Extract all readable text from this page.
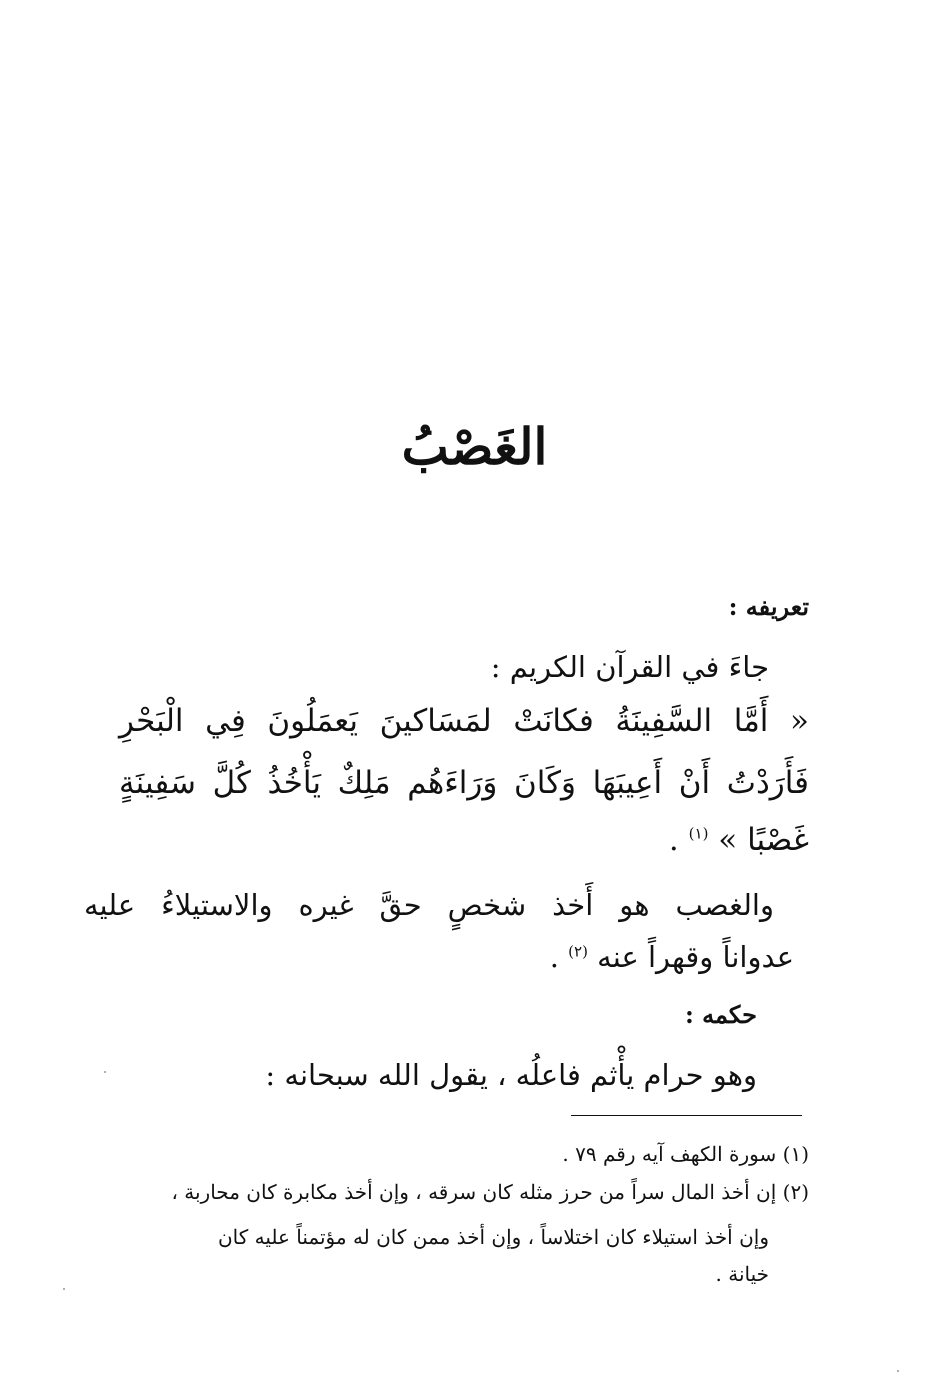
الغَصْبُ
تعريفه :
جاءَ في القرآن الكريم :
« أَمَّا السَّفِينَةُ فكانَتْ لمَسَاكينَ يَعمَلُونَ فِي الْبَحْرِ
فَأَرَدْتُ أَنْ أَعِيبَهَا وَكَانَ وَرَاءَهُم مَلِكٌ يَأْخُذُ كُلَّ سَفِينَةٍ
غَصْبًا » $^{(١)}$ .
والغصب هو أَخذ شخصٍ حقَّ غيره والاستيلاءُ عليه
عدواناً وقهراً عنه $^{(٢)}$ .
حكمه :
وهو حرام يأْثم فاعلُه ، يقول الله سبحانه :
(١) سورة الكهف آيه رقم ٧٩ .
(٢) إن أخذ المال سراً من حرز مثله كان سرقه ، وإن أخذ مكابرة كان محاربة ،
وإن أخذ استيلاء كان اختلاساً ، وإن أخذ ممن كان له مؤتمناً عليه كان
خيانة .
